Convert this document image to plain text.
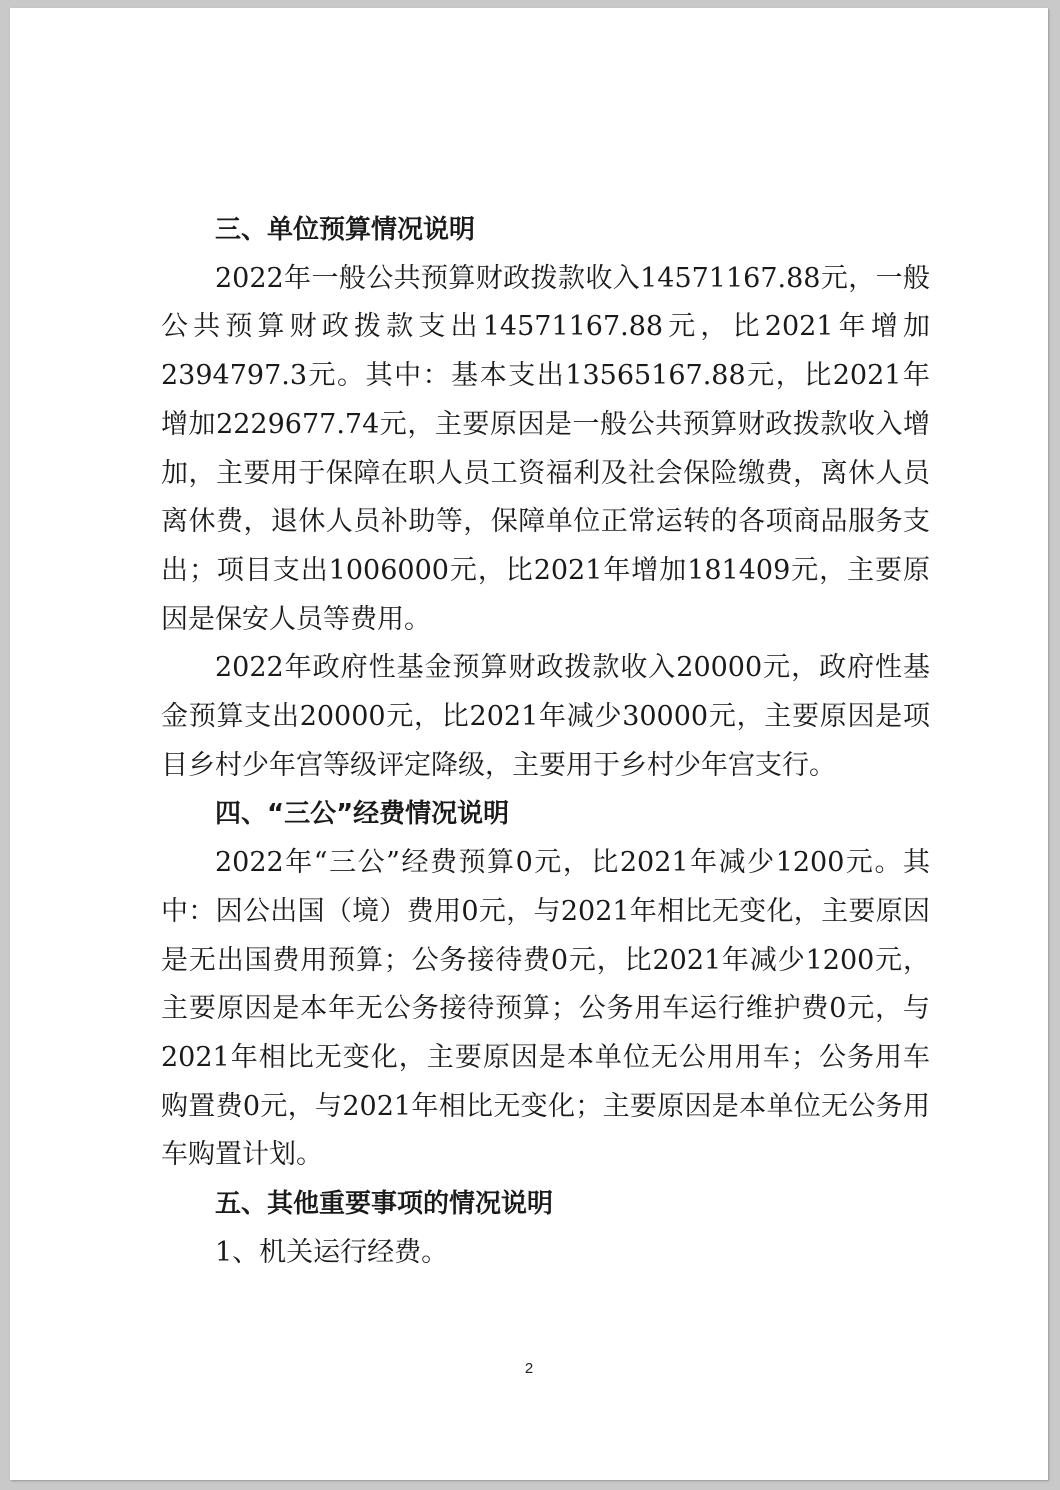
三、单位预算情况说明

2022年一般公共预算财政拨款收入14571167.88元，一般公共预算财政拨款支出14571167.88元，比2021年增加2394797.3元。其中：基本支出13565167.88元，比2021年增加2229677.74元，主要原因是一般公共预算财政拨款收入增加，主要用于保障在职人员工资福利及社会保险缴费，离休人员离休费，退休人员补助等，保障单位正常运转的各项商品服务支出；项目支出1006000元，比2021年增加181409元，主要原因是保安人员等费用。

2022年政府性基金预算财政拨款收入20000元，政府性基金预算支出20000元，比2021年减少30000元，主要原因是项目乡村少年宫等级评定降级，主要用于乡村少年宫支行。

四、“三公”经费情况说明

2022年“三公”经费预算0元，比2021年减少1200元。其中：因公出国（境）费用0元，与2021年相比无变化，主要原因是无出国费用预算；公务接待费0元，比2021年减少1200元，主要原因是本年无公务接待预算；公务用车运行维护费0元，与2021年相比无变化，主要原因是本单位无公用用车；公务用车购置费0元，与2021年相比无变化；主要原因是本单位无公务用车购置计划。

五、其他重要事项的情况说明

1、机关运行经费。

2
